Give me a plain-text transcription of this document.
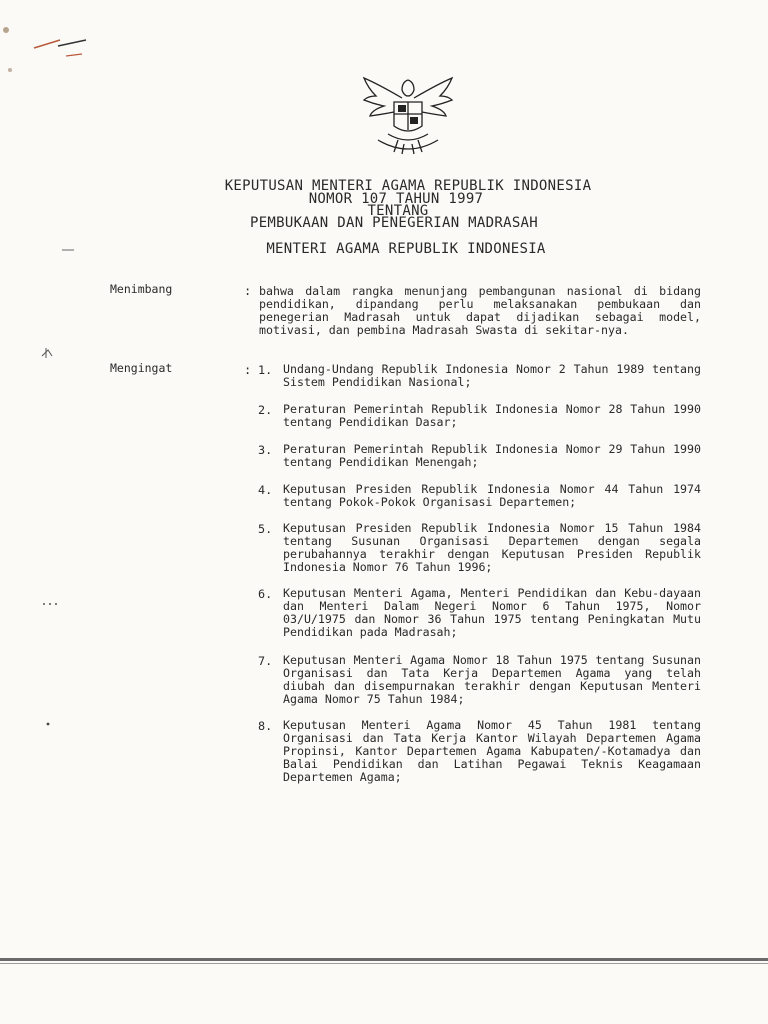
KEPUTUSAN MENTERI AGAMA REPUBLIK INDONESIA
NOMOR 107 TAHUN 1997
TENTANG
PEMBUKAAN DAN PENEGERIAN MADRASAH
MENTERI AGAMA REPUBLIK INDONESIA
Menimbang	: bahwa dalam rangka menunjang pembangunan nasional di bidang pendidikan, dipandang perlu melaksanakan pembukaan dan penegerian Madrasah untuk dapat dijadikan sebagai model, motivasi, dan pembina Madrasah Swasta di sekitar-nya.
Mengingat	: 1. Undang-Undang Republik Indonesia Nomor 2 Tahun 1989 tentang Sistem Pendidikan Nasional;
2. Peraturan Pemerintah Republik Indonesia Nomor 28 Tahun 1990 tentang Pendidikan Dasar;
3. Peraturan Pemerintah Republik Indonesia Nomor 29 Tahun 1990 tentang Pendidikan Menengah;
4. Keputusan Presiden Republik Indonesia Nomor 44 Tahun 1974 tentang Pokok-Pokok Organisasi Departemen;
5. Keputusan Presiden Republik Indonesia Nomor 15 Tahun 1984 tentang Susunan Organisasi Departemen dengan segala perubahannya terakhir dengan Keputusan Presiden Republik Indonesia Nomor 76 Tahun 1996;
6. Keputusan Menteri Agama, Menteri Pendidikan dan Kebu-dayaan dan Menteri Dalam Negeri Nomor 6 Tahun 1975, Nomor 03/U/1975 dan Nomor 36 Tahun 1975 tentang Peningkatan Mutu Pendidikan pada Madrasah;
7. Keputusan Menteri Agama Nomor 18 Tahun 1975 tentang Susunan Organisasi dan Tata Kerja Departemen Agama yang telah diubah dan disempurnakan terakhir dengan Keputusan Menteri Agama Nomor 75 Tahun 1984;
8. Keputusan Menteri Agama Nomor 45 Tahun 1981 tentang Organisasi dan Tata Kerja Kantor Wilayah Departemen Agama Propinsi, Kantor Departemen Agama Kabupaten/-Kotamadya dan Balai Pendidikan dan Latihan Pegawai Teknis Keagamaan Departemen Agama;
